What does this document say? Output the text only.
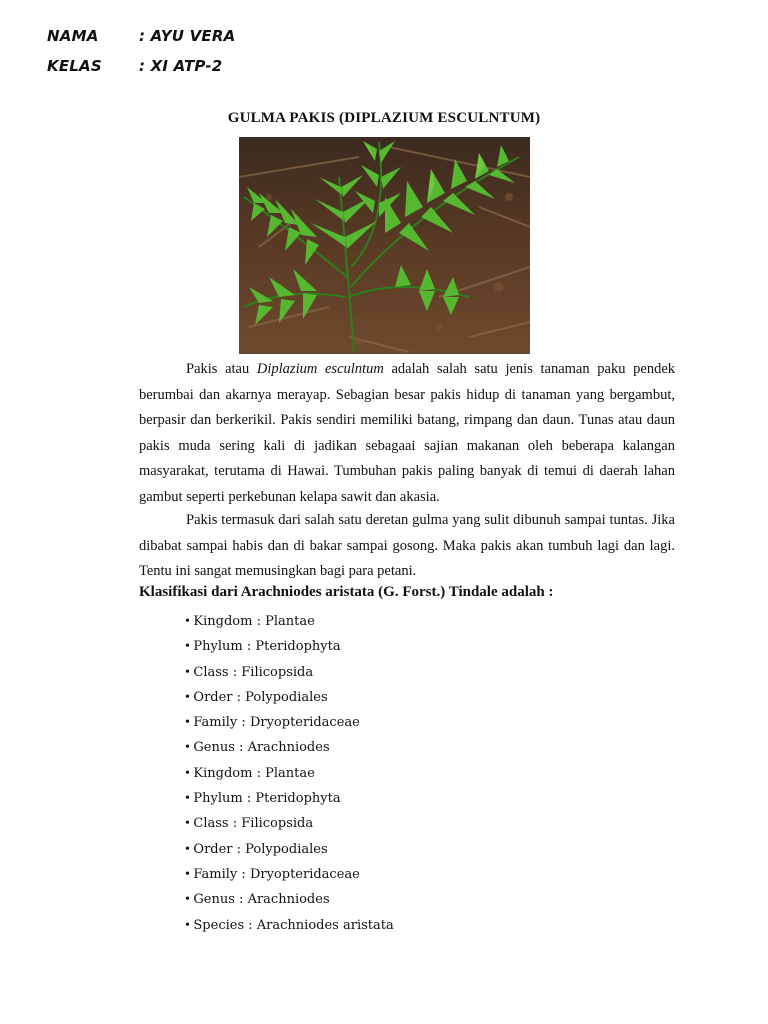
NAMA	: AYU VERA
KELAS : XI ATP-2
GULMA PAKIS (DIPLAZIUM ESCULNTUM)

Pakis atau Diplazium esculntum adalah salah satu jenis tanaman paku pendek berumbai dan akarnya merayap. Sebagian besar pakis hidup di tanaman yang bergambut, berpasir dan berkerikil. Pakis sendiri memiliki batang, rimpang dan daun. Tunas atau daun pakis muda sering kali di jadikan sebagaai sajian makanan oleh beberapa kalangan masyarakat, terutama di Hawai. Tumbuhan pakis paling banyak di temui di daerah lahan gambut seperti perkebunan kelapa sawit dan akasia.

Pakis termasuk dari salah satu deretan gulma yang sulit dibunuh sampai tuntas. Jika dibabat sampai habis dan di bakar sampai gosong. Maka pakis akan tumbuh lagi dan lagi. Tentu ini sangat memusingkan bagi para petani.

Klasifikasi dari Arachniodes aristata (G. Forst.) Tindale adalah :
• Kingdom : Plantae
• Phylum : Pteridophyta
• Class : Filicopsida
• Order : Polypodiales
• Family : Dryopteridaceae
• Genus : Arachniodes
• Kingdom : Plantae
• Phylum : Pteridophyta
• Class : Filicopsida
• Order : Polypodiales
• Family : Dryopteridaceae
• Genus : Arachniodes
• Species : Arachniodes aristata
